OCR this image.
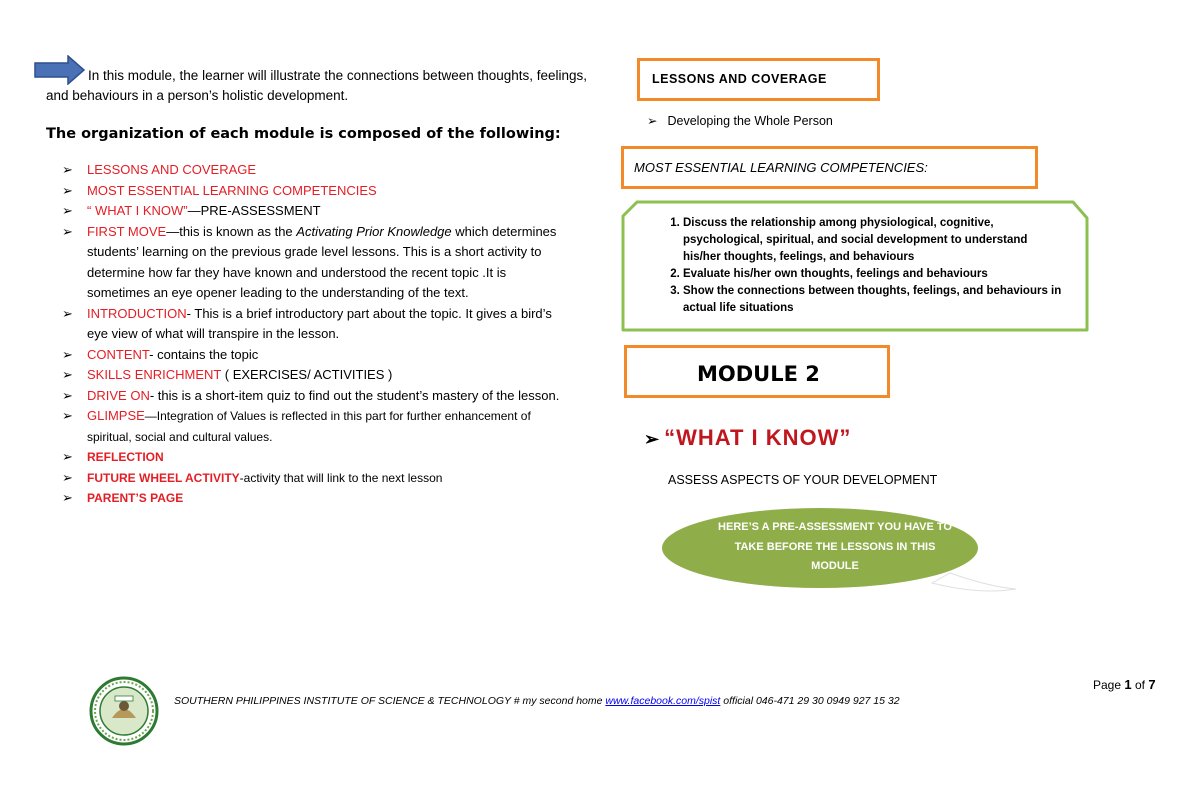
In this module, the learner will illustrate the connections between thoughts, feelings, and behaviours in a person’s holistic development.
The organization of each module is composed of the following:
➢ LESSONS AND COVERAGE
➢ MOST ESSENTIAL LEARNING COMPETENCIES
➢ “ WHAT I KNOW”—PRE-ASSESSMENT
➢ FIRST MOVE—this is known as the Activating Prior Knowledge which determines students’ learning on the previous grade level lessons. This is a short activity to determine how far they have known and understood the recent topic .It is sometimes an eye opener leading to the understanding of the text.
➢ INTRODUCTION- This is a brief introductory part about the topic. It gives a bird’s eye view of what will transpire in the lesson.
➢ CONTENT- contains the topic
➢ SKILLS ENRICHMENT ( EXERCISES/ ACTIVITIES )
➢ DRIVE ON- this is a short-item quiz to find out the student’s mastery of the lesson.
➢ GLIMPSE—Integration of Values is reflected in this part for further enhancement of spiritual, social and cultural values.
➢ REFLECTION
➢ FUTURE WHEEL ACTIVITY-activity that will link to the next lesson
➢ PARENT’S PAGE
LESSONS AND COVERAGE
➢ Developing the Whole Person
MOST ESSENTIAL LEARNING COMPETENCIES:
1. Discuss the relationship among physiological, cognitive, psychological, spiritual, and social development to understand his/her thoughts, feelings, and behaviours
2. Evaluate his/her own thoughts, feelings and behaviours
3. Show the connections between thoughts, feelings, and behaviours in actual life situations
MODULE 2
➢ “WHAT I KNOW”
ASSESS ASPECTS OF YOUR DEVELOPMENT
HERE’S A PRE-ASSESSMENT YOU HAVE TO TAKE BEFORE THE LESSONS IN THIS MODULE
SOUTHERN PHILIPPINES INSTITUTE OF SCIENCE & TECHNOLOGY # my second home www.facebook.com/spist official 046-471 29 30 0949 927 15 32
Page 1 of 7
